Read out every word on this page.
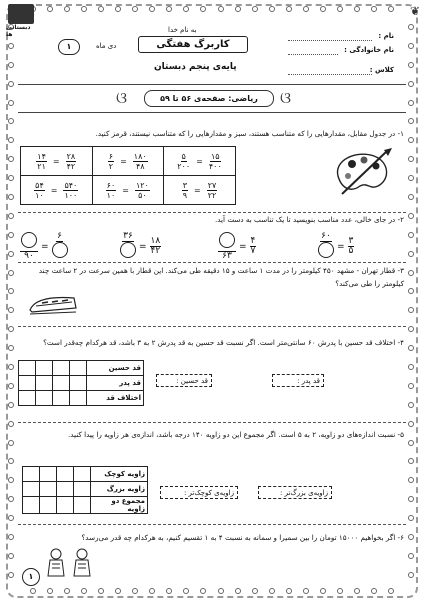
دبستانی ها
❦
به نام خدا
نام :
نام خانوادگی :
کلاس :
کاربرگ هفتگی
دی ماه
۱
پایه‌ی پنجم دبستان
ଓ	ریاضی: صفحه‌ی ۵۶ تا ۵۹	ଓ
۱- در جدول مقابل، مقدارهایی را که متناسب هستند، سبز و مقدارهایی را که متناسب نیستند، قرمز کنید.
$\frac{۱۴}{۲۱} = \frac{۲۸}{۴۲}$	$\frac{۶}{۲} = \frac{۱۸۰}{۴۸}$	$\frac{۵}{۲۰۰} = \frac{۱۵}{۴۰۰}$

$\frac{۵۴}{۱۰} = \frac{۵۴۰}{۱۰۰}$	$\frac{۶۰}{۱۰} = \frac{۱۲۰}{۵۰}$	$\frac{۳}{۹} = \frac{۲۷}{۲۲}$
۲- در جای خالی، عدد مناسب بنویسید تا یک تناسب به دست آید.
۶۰
= $\frac{۳}{۵}$
۶۳
= $\frac{۴}{۷}$
۳۶
= $\frac{۱۸}{۴۲}$
۹۰
=
۶
۳- قطار تهران - مشهد ۴۵۰ کیلومتر را در مدت ۱ ساعت و ۱۵ دقیقه طی می‌کند. این قطار با همین سرعت در ۲ ساعت چند کیلومتر را طی می‌کند؟
۴- اختلاف قد حسین با پدرش ۶۰ سانتی‌متر است. اگر نسبت قد حسین به قد پدرش ۲ به ۳ باشد، قد هرکدام چه‌قدر است؟
				قد حسین
				قد پدر
				اختلاف قد
قد پدر :
قد حسین :
۵- نسبت اندازه‌های دو زاویه، ۲ به ۵ است. اگر مجموع این دو زاویه ۱۴۰ درجه باشد، اندازه‌ی هر زاویه را پیدا کنید.
				زاویه کوچک
				زاویه بزرگ
				مجموع دو زاویه
زاویه‌ی بزرگ‌تر :
زاویه‌ی کوچک‌تر :
۶- اگر بخواهیم ۱۵۰۰۰ تومان را بین سمیرا و سمانه به نسبت ۴ به ۱ تقسیم کنیم، به هرکدام چه قدر می‌رسد؟
۱
